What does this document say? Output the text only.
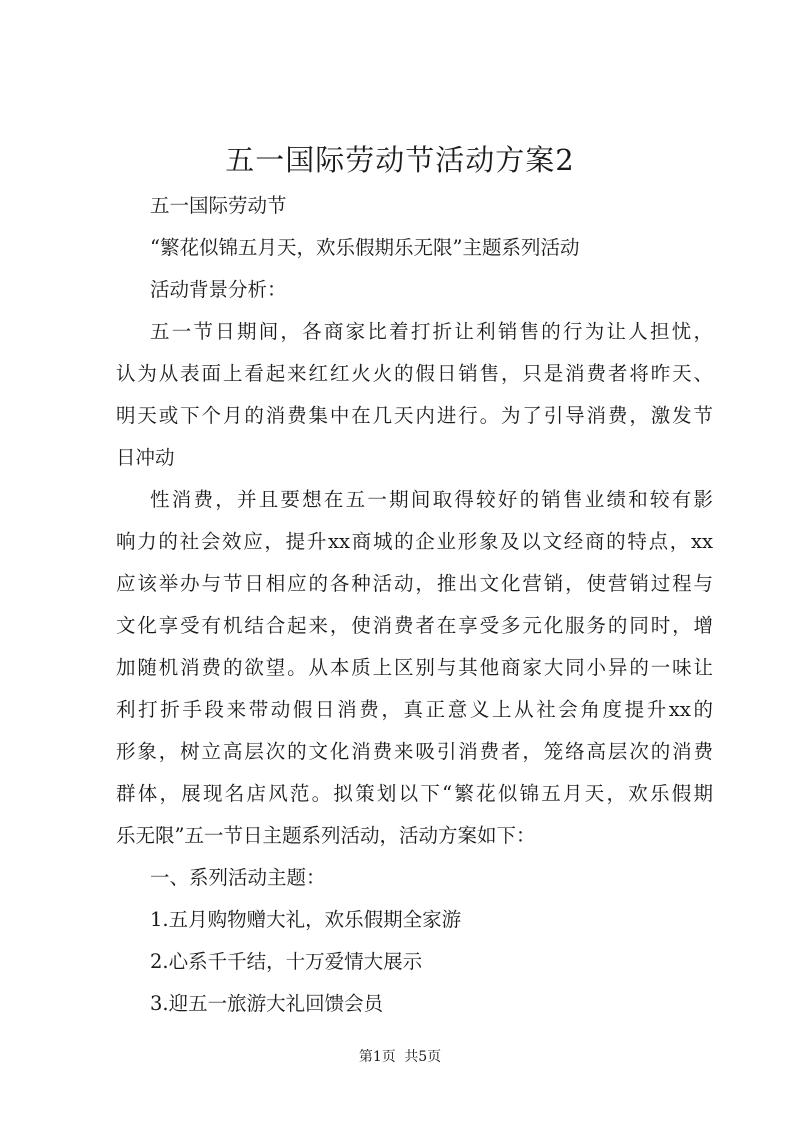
五一国际劳动节活动方案2

五一国际劳动节

“繁花似锦五月天，欢乐假期乐无限”主题系列活动

活动背景分析：

五一节日期间，各商家比着打折让利销售的行为让人担忧，

认为从表面上看起来红红火火的假日销售，只是消费者将昨天、

明天或下个月的消费集中在几天内进行。为了引导消费，激发节

日冲动

性消费，并且要想在五一期间取得较好的销售业绩和较有影

响力的社会效应，提升xx商城的企业形象及以文经商的特点，xx

应该举办与节日相应的各种活动，推出文化营销，使营销过程与

文化享受有机结合起来，使消费者在享受多元化服务的同时，增

加随机消费的欲望。从本质上区别与其他商家大同小异的一味让

利打折手段来带动假日消费，真正意义上从社会角度提升xx的

形象，树立高层次的文化消费来吸引消费者，笼络高层次的消费

群体，展现名店风范。拟策划以下“繁花似锦五月天，欢乐假期

乐无限”五一节日主题系列活动，活动方案如下：

一、系列活动主题：

1.五月购物赠大礼，欢乐假期全家游

2.心系千千结，十万爱情大展示

3.迎五一旅游大礼回馈会员

第1页 共5页
